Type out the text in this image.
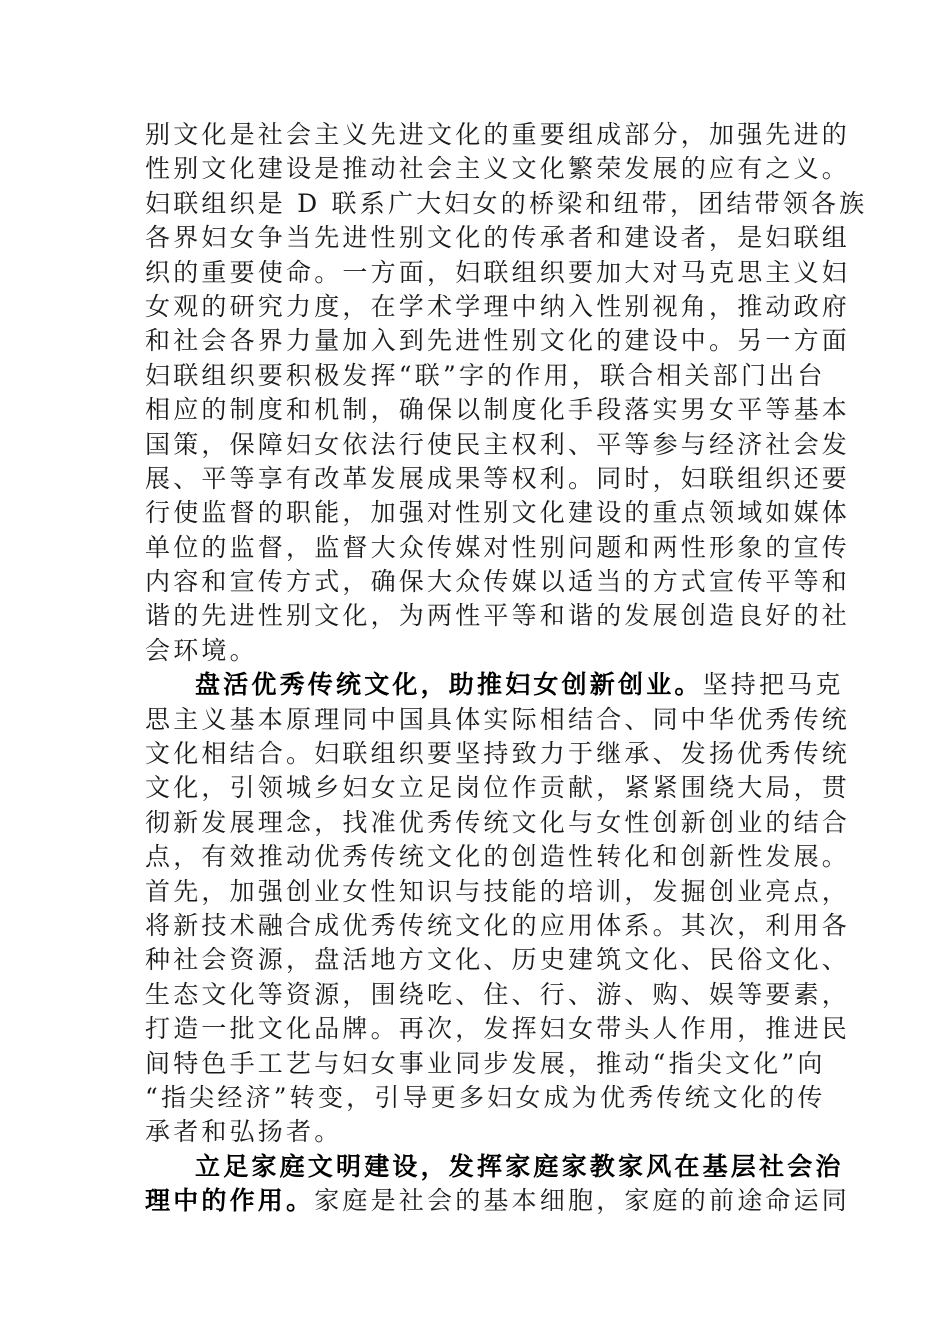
别文化是社会主义先进文化的重要组成部分，加强先进的
性别文化建设是推动社会主义文化繁荣发展的应有之义。
妇联组织是 D 联系广大妇女的桥梁和纽带，团结带领各族
各界妇女争当先进性别文化的传承者和建设者，是妇联组
织的重要使命。一方面，妇联组织要加大对马克思主义妇
女观的研究力度，在学术学理中纳入性别视角，推动政府
和社会各界力量加入到先进性别文化的建设中。另一方面
妇联组织要积极发挥“联”字的作用，联合相关部门出台
相应的制度和机制，确保以制度化手段落实男女平等基本
国策，保障妇女依法行使民主权利、平等参与经济社会发
展、平等享有改革发展成果等权利。同时，妇联组织还要
行使监督的职能，加强对性别文化建设的重点领域如媒体
单位的监督，监督大众传媒对性别问题和两性形象的宣传
内容和宣传方式，确保大众传媒以适当的方式宣传平等和
谐的先进性别文化，为两性平等和谐的发展创造良好的社
会环境。
盘活优秀传统文化，助推妇女创新创业。坚持把马克
思主义基本原理同中国具体实际相结合、同中华优秀传统
文化相结合。妇联组织要坚持致力于继承、发扬优秀传统
文化，引领城乡妇女立足岗位作贡献，紧紧围绕大局，贯
彻新发展理念，找准优秀传统文化与女性创新创业的结合
点，有效推动优秀传统文化的创造性转化和创新性发展。
首先，加强创业女性知识与技能的培训，发掘创业亮点，
将新技术融合成优秀传统文化的应用体系。其次，利用各
种社会资源，盘活地方文化、历史建筑文化、民俗文化、
生态文化等资源，围绕吃、住、行、游、购、娱等要素，
打造一批文化品牌。再次，发挥妇女带头人作用，推进民
间特色手工艺与妇女事业同步发展，推动“指尖文化”向
“指尖经济”转变，引导更多妇女成为优秀传统文化的传
承者和弘扬者。
立足家庭文明建设，发挥家庭家教家风在基层社会治
理中的作用。家庭是社会的基本细胞，家庭的前途命运同
